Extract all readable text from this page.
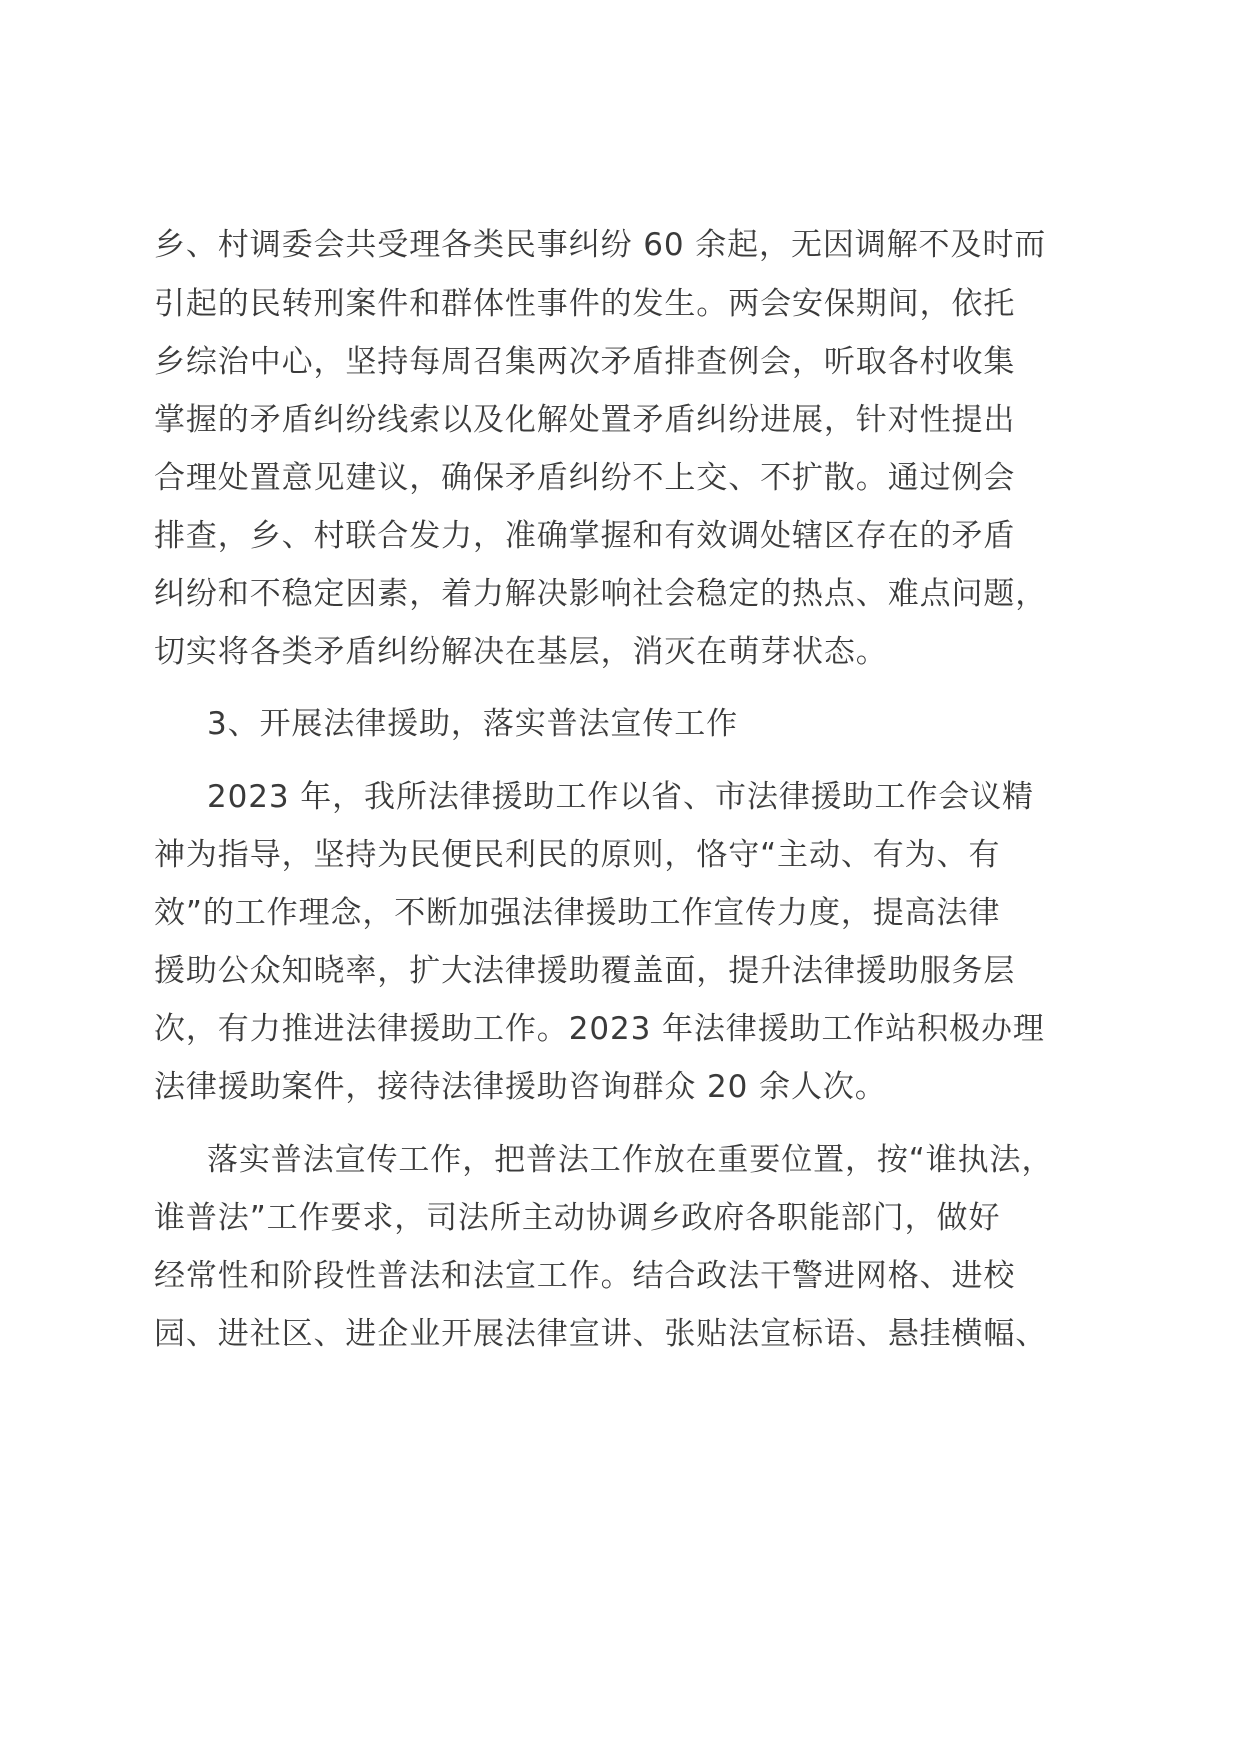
乡、村调委会共受理各类民事纠纷 60 余起，无因调解不及时而
引起的民转刑案件和群体性事件的发生。两会安保期间，依托
乡综治中心，坚持每周召集两次矛盾排查例会，听取各村收集
掌握的矛盾纠纷线索以及化解处置矛盾纠纷进展，针对性提出
合理处置意见建议，确保矛盾纠纷不上交、不扩散。通过例会
排查，乡、村联合发力，准确掌握和有效调处辖区存在的矛盾
纠纷和不稳定因素，着力解决影响社会稳定的热点、难点问题，
切实将各类矛盾纠纷解决在基层，消灭在萌芽状态。
3、开展法律援助，落实普法宣传工作
2023 年，我所法律援助工作以省、市法律援助工作会议精
神为指导，坚持为民便民利民的原则，恪守“主动、有为、有
效”的工作理念，不断加强法律援助工作宣传力度，提高法律
援助公众知晓率，扩大法律援助覆盖面，提升法律援助服务层
次，有力推进法律援助工作。2023 年法律援助工作站积极办理
法律援助案件，接待法律援助咨询群众 20 余人次。
落实普法宣传工作，把普法工作放在重要位置，按“谁执法，
谁普法”工作要求，司法所主动协调乡政府各职能部门，做好
经常性和阶段性普法和法宣工作。结合政法干警进网格、进校
园、进社区、进企业开展法律宣讲、张贴法宣标语、悬挂横幅、
